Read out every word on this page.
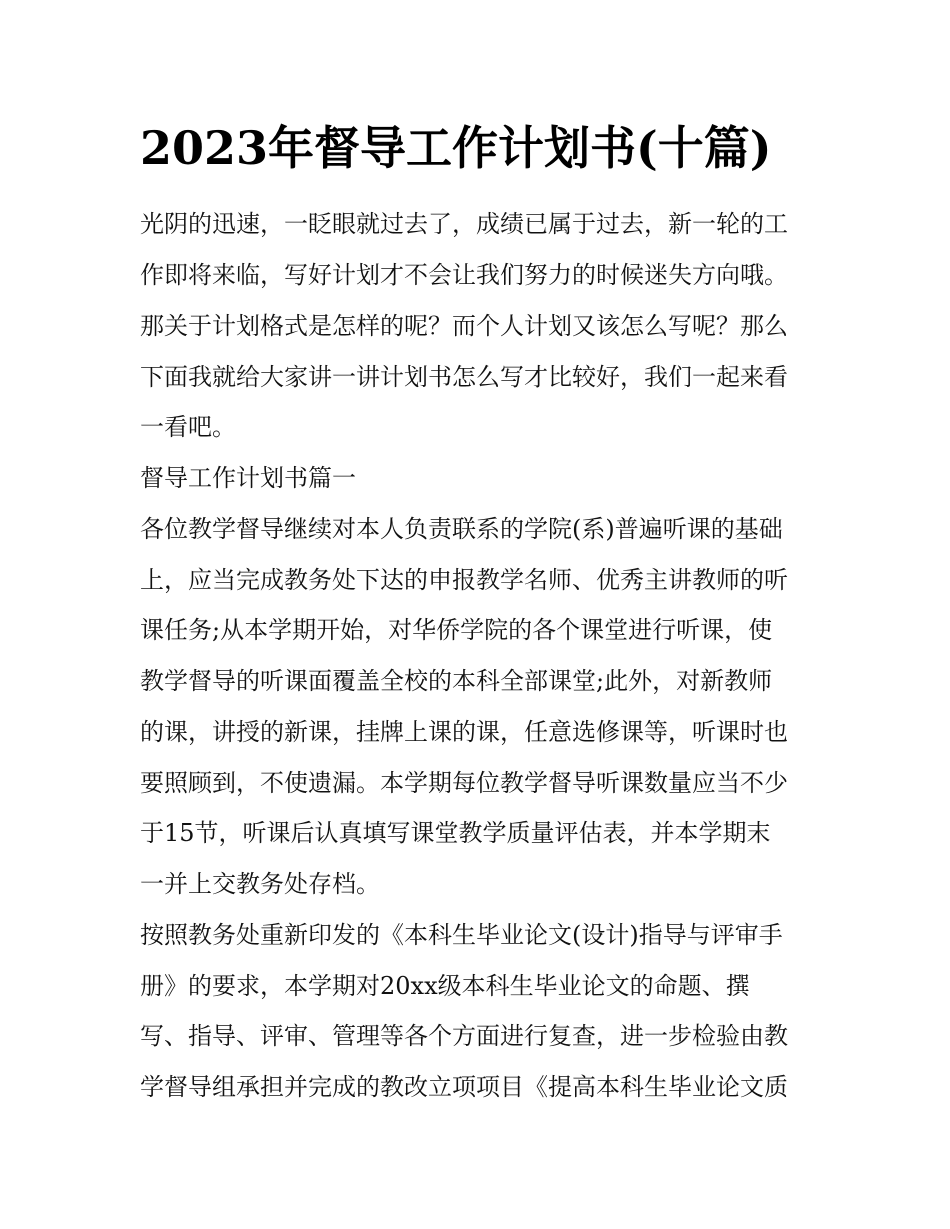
2023年督导工作计划书(十篇)

光阴的迅速，一眨眼就过去了，成绩已属于过去，新一轮的工

作即将来临，写好计划才不会让我们努力的时候迷失方向哦。

那关于计划格式是怎样的呢？而个人计划又该怎么写呢？那么

下面我就给大家讲一讲计划书怎么写才比较好，我们一起来看

一看吧。

督导工作计划书篇一

各位教学督导继续对本人负责联系的学院(系)普遍听课的基础

上，应当完成教务处下达的申报教学名师、优秀主讲教师的听

课任务;从本学期开始，对华侨学院的各个课堂进行听课，使

教学督导的听课面覆盖全校的本科全部课堂;此外，对新教师

的课，讲授的新课，挂牌上课的课，任意选修课等，听课时也

要照顾到，不使遗漏。本学期每位教学督导听课数量应当不少

于15节，听课后认真填写课堂教学质量评估表，并本学期末

一并上交教务处存档。

按照教务处重新印发的《本科生毕业论文(设计)指导与评审手

册》的要求，本学期对20xx级本科生毕业论文的命题、撰

写、指导、评审、管理等各个方面进行复查，进一步检验由教

学督导组承担并完成的教改立项项目《提高本科生毕业论文质
